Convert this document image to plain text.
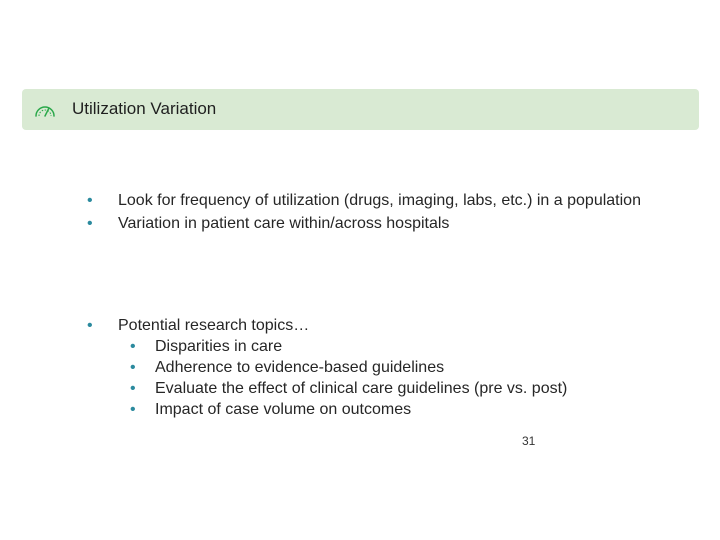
Utilization Variation
• Look for frequency of utilization (drugs, imaging, labs, etc.) in a population
• Variation in patient care within/across hospitals
• Potential research topics…
• Disparities in care
• Adherence to evidence-based guidelines
• Evaluate the effect of clinical care guidelines (pre vs. post)
• Impact of case volume on outcomes
31
